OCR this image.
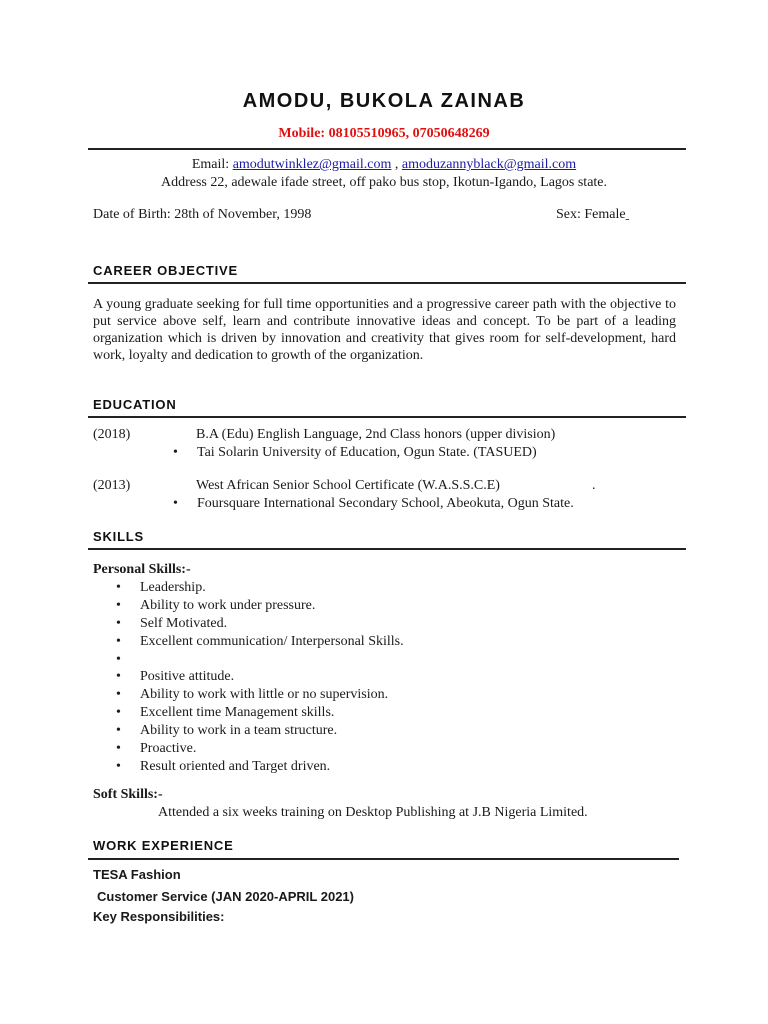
AMODU, BUKOLA ZAINAB
Mobile: 08105510965, 07050648269
Email: amodutwinklez@gmail.com , amoduzannyblack@gmail.com
Address 22, adewale ifade street, off pako bus stop, Ikotun-Igando, Lagos state.
Date of Birth: 28th of November, 1998	Sex: Female
CAREER OBJECTIVE
A young graduate seeking for full time opportunities and a progressive career path with the objective to put service above self, learn and contribute innovative ideas and concept. To be part of a leading organization which is driven by innovation and creativity that gives room for self-development, hard work, loyalty and dedication to growth of the organization.
EDUCATION
(2018)	B.A (Edu) English Language, 2nd Class honors (upper division)
• Tai Solarin University of Education, Ogun State. (TASUED)
(2013)	West African Senior School Certificate (W.A.S.S.C.E)	.
• Foursquare International Secondary School, Abeokuta, Ogun State.
SKILLS
Personal Skills:-
• Leadership.
• Ability to work under pressure.
• Self Motivated.
• Excellent communication/ Interpersonal Skills.
• Positive attitude.
• Ability to work with little or no supervision.
• Excellent time Management skills.
• Ability to work in a team structure.
• Proactive.
• Result oriented and Target driven.
Soft Skills:-
Attended a six weeks training on Desktop Publishing at J.B Nigeria Limited.
WORK EXPERIENCE
TESA Fashion
Customer Service (JAN 2020-APRIL 2021)
Key Responsibilities:
